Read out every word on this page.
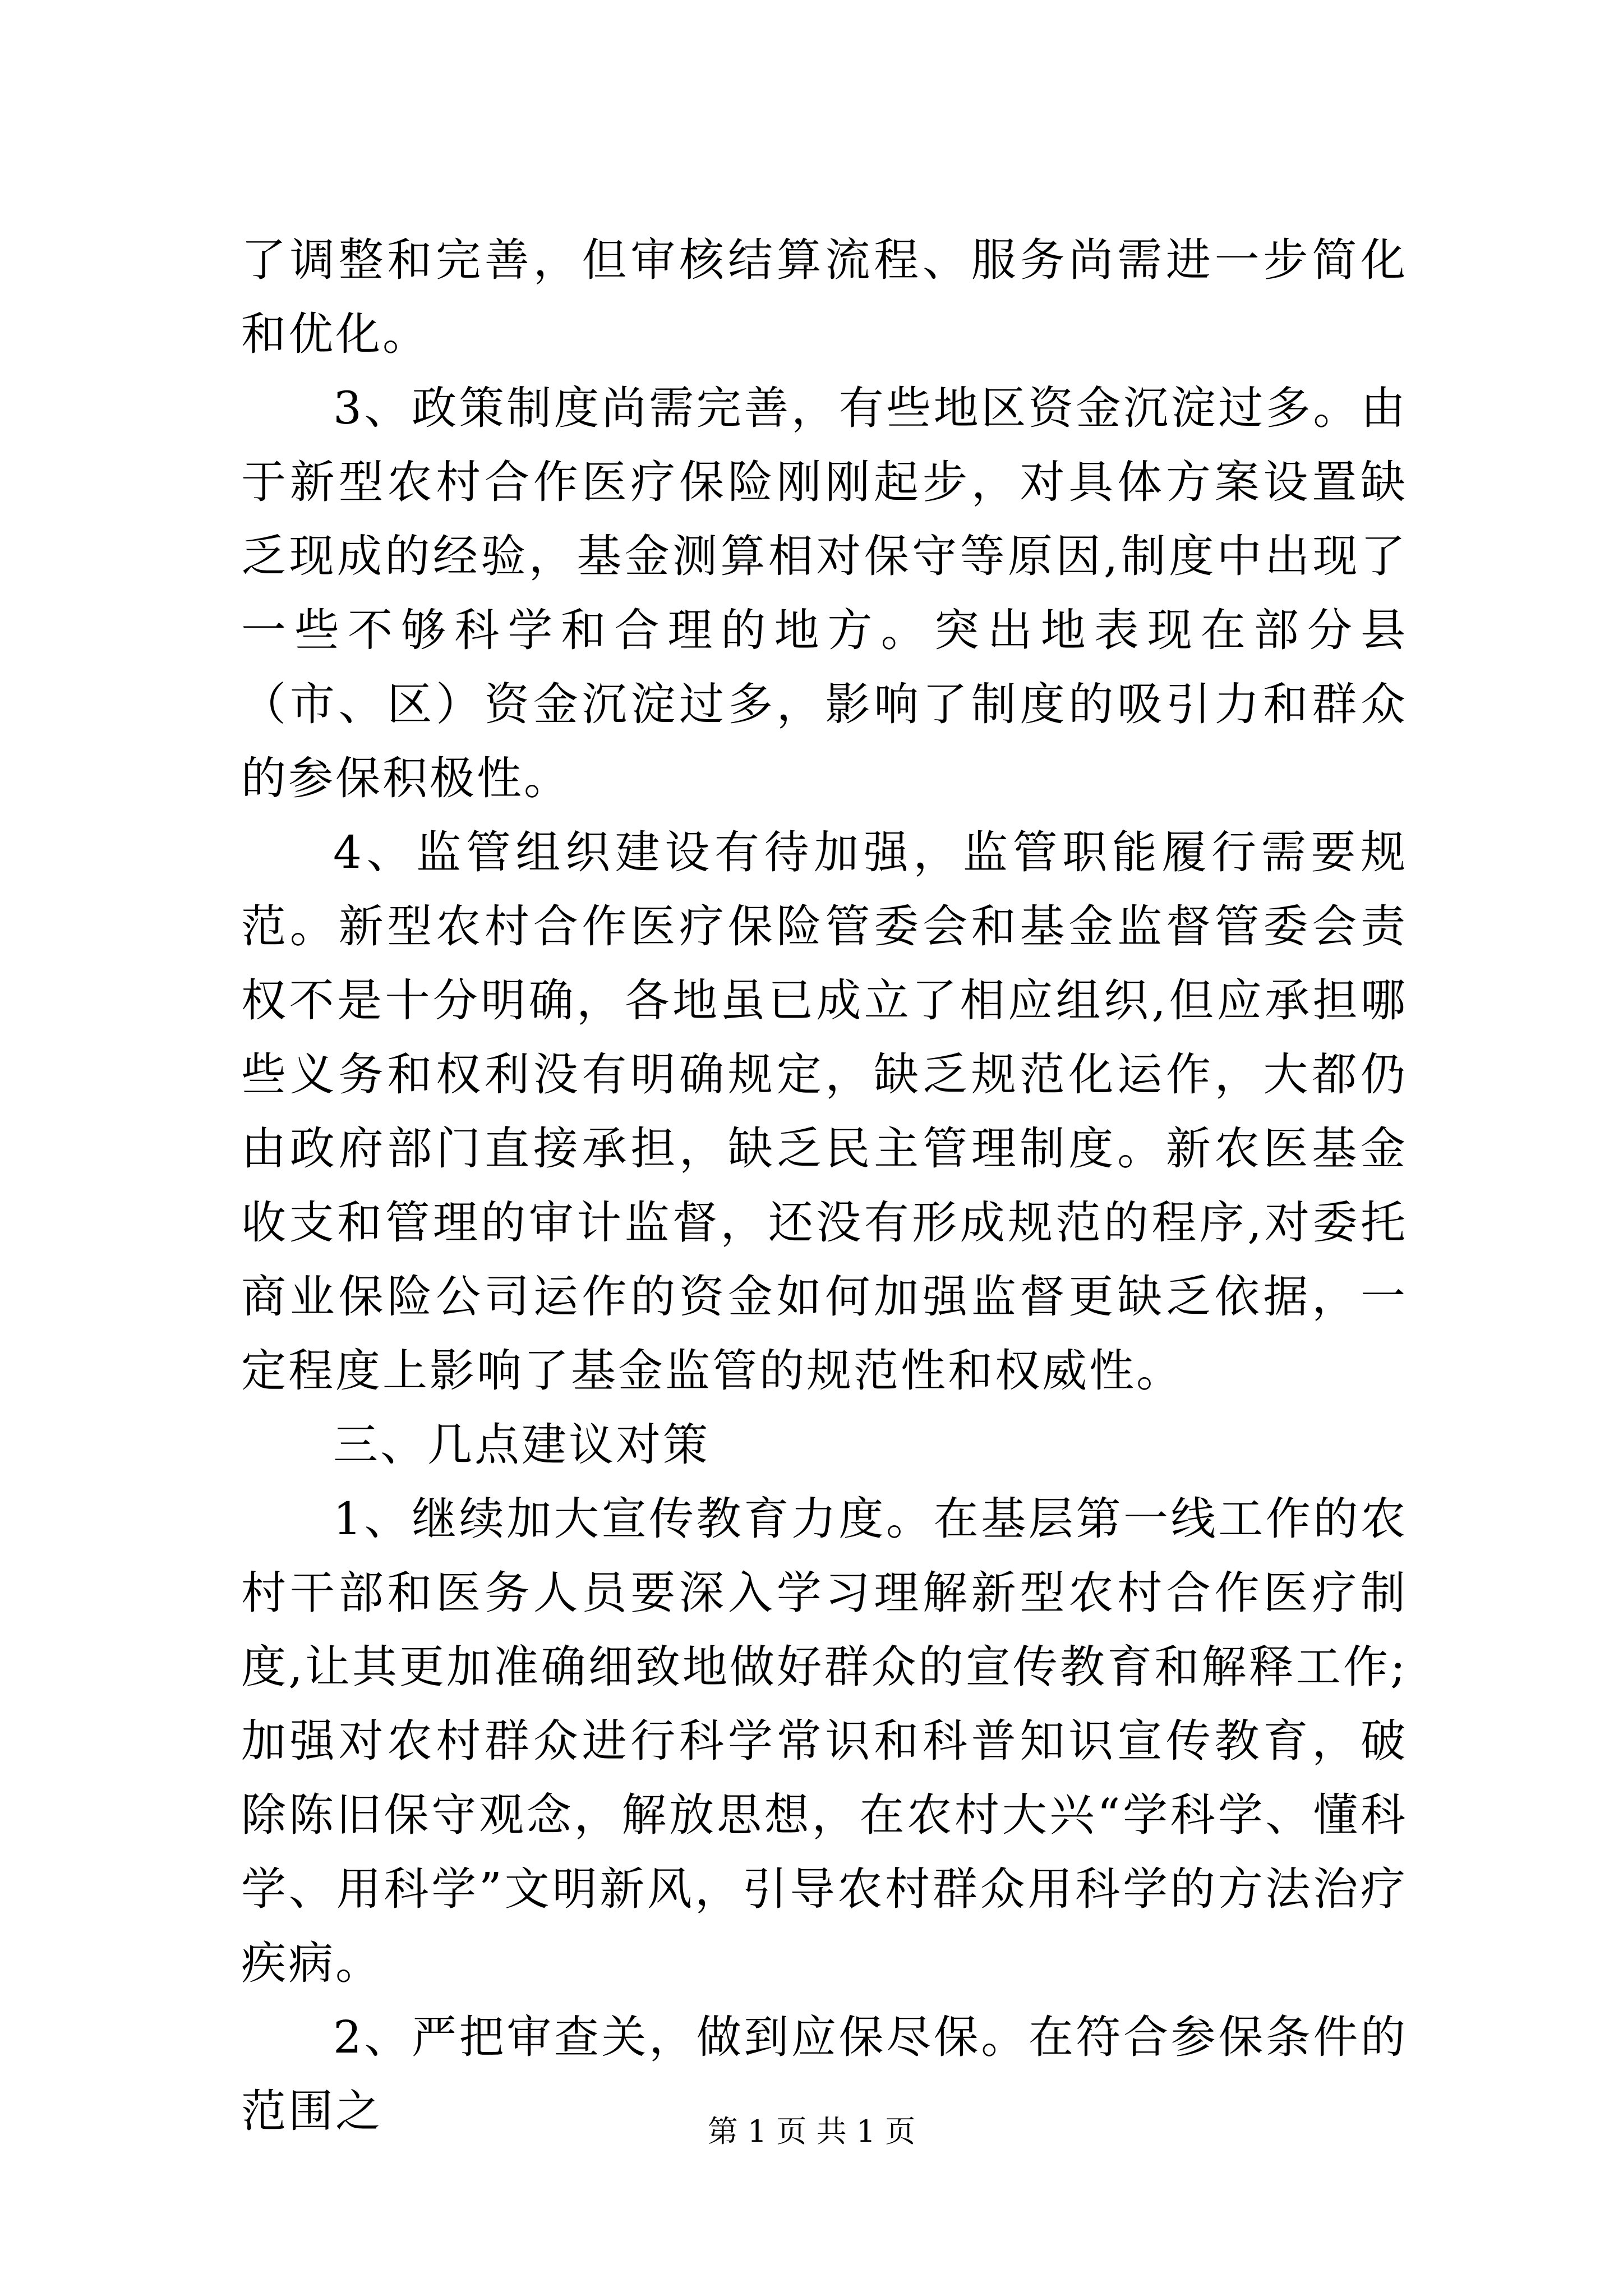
了调整和完善，但审核结算流程、服务尚需进一步简化和优化。

3、政策制度尚需完善，有些地区资金沉淀过多。由于新型农村合作医疗保险刚刚起步，对具体方案设置缺乏现成的经验，基金测算相对保守等原因,制度中出现了一些不够科学和合理的地方。突出地表现在部分县（市、区）资金沉淀过多，影响了制度的吸引力和群众的参保积极性。

4、监管组织建设有待加强，监管职能履行需要规范。新型农村合作医疗保险管委会和基金监督管委会责权不是十分明确，各地虽已成立了相应组织,但应承担哪些义务和权利没有明确规定，缺乏规范化运作，大都仍由政府部门直接承担，缺乏民主管理制度。新农医基金收支和管理的审计监督，还没有形成规范的程序,对委托商业保险公司运作的资金如何加强监督更缺乏依据，一定程度上影响了基金监管的规范性和权威性。

三、几点建议对策

1、继续加大宣传教育力度。在基层第一线工作的农村干部和医务人员要深入学习理解新型农村合作医疗制度,让其更加准确细致地做好群众的宣传教育和解释工作;加强对农村群众进行科学常识和科普知识宣传教育，破除陈旧保守观念，解放思想，在农村大兴“学科学、懂科学、用科学”文明新风，引导农村群众用科学的方法治疗疾病。

2、严把审查关，做到应保尽保。在符合参保条件的范围之	第 1 页 共 1 页
